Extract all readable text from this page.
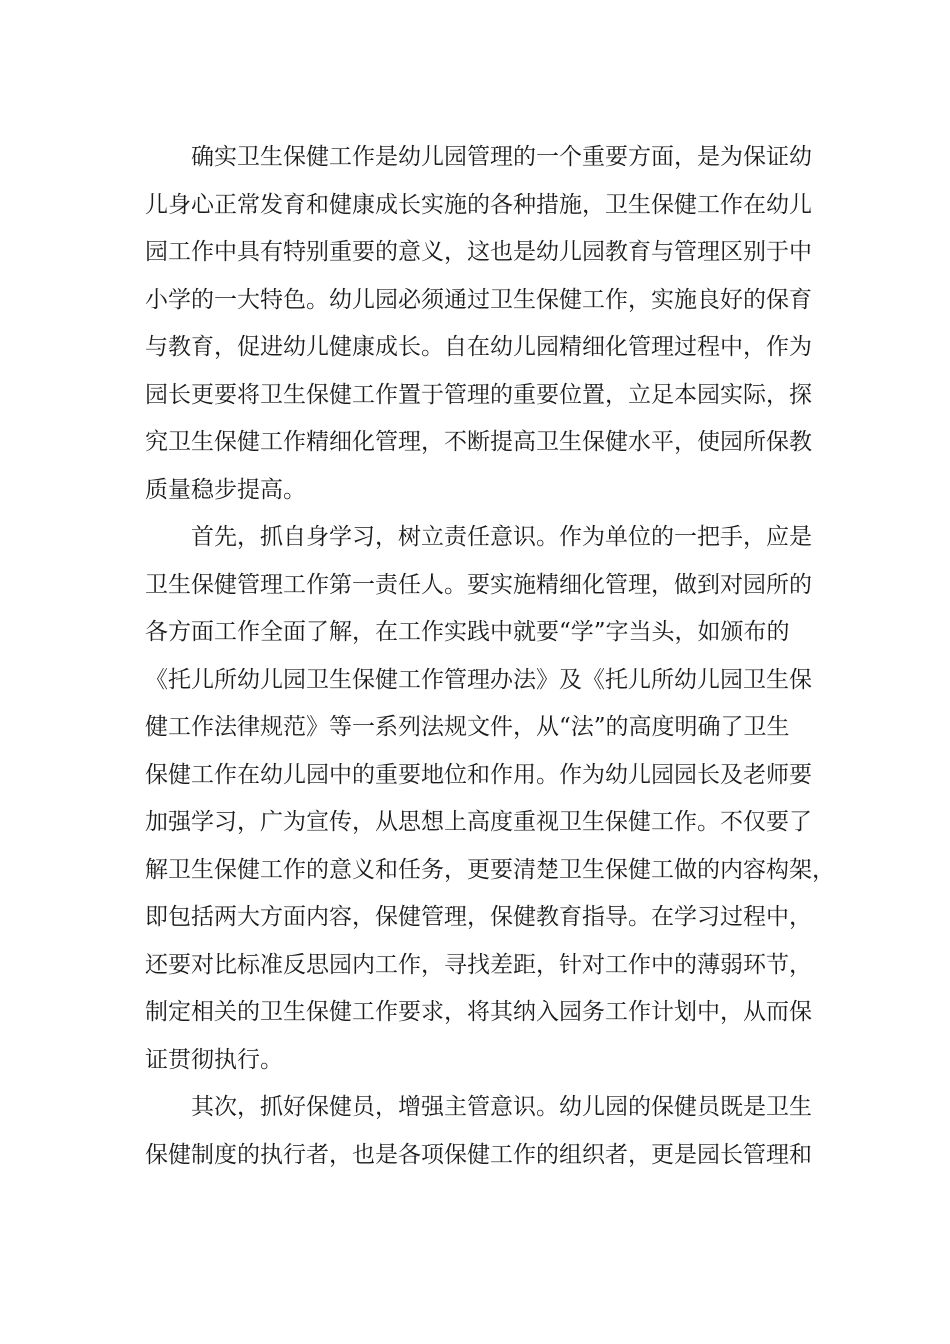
确实卫生保健工作是幼儿园管理的一个重要方面，是为保证幼
儿身心正常发育和健康成长实施的各种措施，卫生保健工作在幼儿
园工作中具有特别重要的意义，这也是幼儿园教育与管理区别于中
小学的一大特色。幼儿园必须通过卫生保健工作，实施良好的保育
与教育，促进幼儿健康成长。自在幼儿园精细化管理过程中，作为
园长更要将卫生保健工作置于管理的重要位置，立足本园实际，探
究卫生保健工作精细化管理，不断提高卫生保健水平，使园所保教
质量稳步提高。
首先，抓自身学习，树立责任意识。作为单位的一把手，应是
卫生保健管理工作第一责任人。要实施精细化管理，做到对园所的
各方面工作全面了解，在工作实践中就要“学”字当头，如颁布的
《托儿所幼儿园卫生保健工作管理办法》及《托儿所幼儿园卫生保
健工作法律规范》等一系列法规文件，从“法”的高度明确了卫生
保健工作在幼儿园中的重要地位和作用。作为幼儿园园长及老师要
加强学习，广为宣传，从思想上高度重视卫生保健工作。不仅要了
解卫生保健工作的意义和任务，更要清楚卫生保健工做的内容构架，
即包括两大方面内容，保健管理，保健教育指导。在学习过程中，
还要对比标准反思园内工作，寻找差距，针对工作中的薄弱环节，
制定相关的卫生保健工作要求，将其纳入园务工作计划中，从而保
证贯彻执行。
其次，抓好保健员，增强主管意识。幼儿园的保健员既是卫生
保健制度的执行者，也是各项保健工作的组织者，更是园长管理和
